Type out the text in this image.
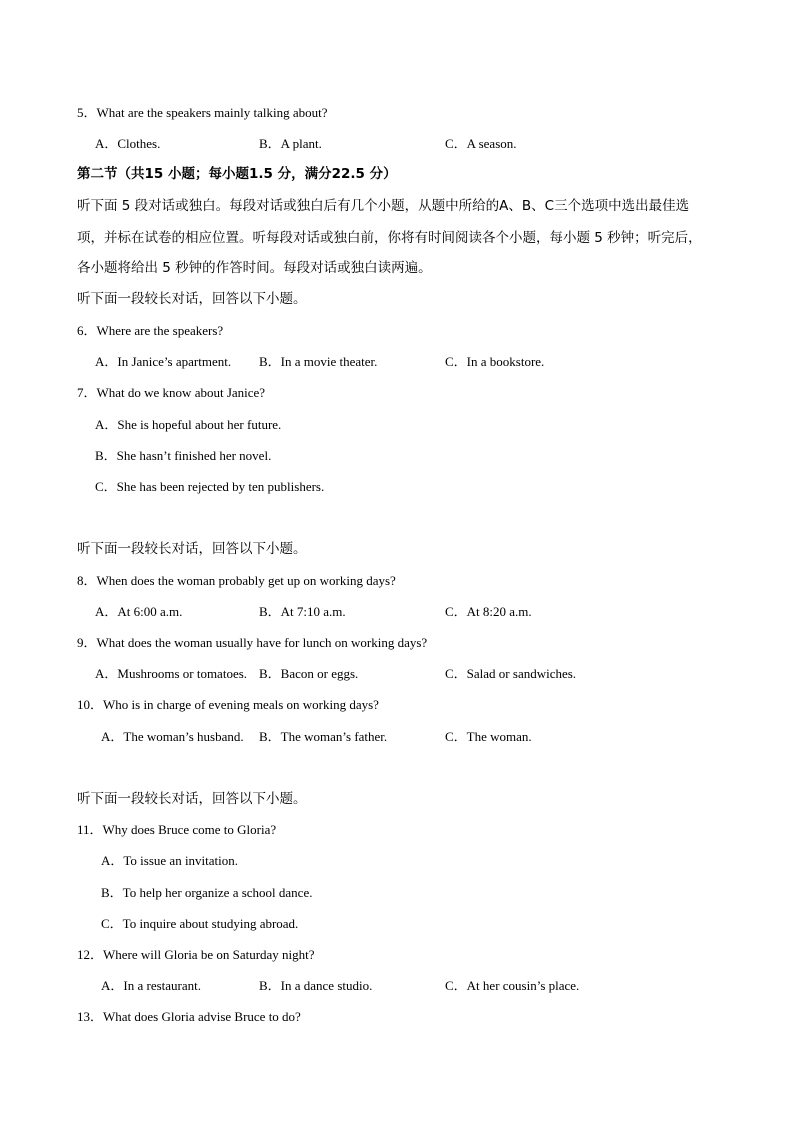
5．What are the speakers mainly talking about?
A．Clothes.	B．A plant.	C．A season.
第二节（共15 小题；每小题1.5 分，满分22.5 分）
听下面 5 段对话或独白。每段对话或独白后有几个小题，从题中所给的A、B、C三个选项中选出最佳选
项，并标在试卷的相应位置。听每段对话或独白前，你将有时间阅读各个小题，每小题 5 秒钟；听完后，
各小题将给出 5 秒钟的作答时间。每段对话或独白读两遍。
听下面一段较长对话，回答以下小题。
6．Where are the speakers?
A．In Janice’s apartment. B．In a movie theater.	C．In a bookstore.
7．What do we know about Janice?
A．She is hopeful about her future.
B．She hasn’t finished her novel.
C．She has been rejected by ten publishers.
听下面一段较长对话，回答以下小题。
8．When does the woman probably get up on working days?
A．At 6:00 a.m.	B．At 7:10 a.m.	C．At 8:20 a.m.
9．What does the woman usually have for lunch on working days?
A．Mushrooms or tomatoes. B．Bacon or eggs.	C．Salad or sandwiches.
10．Who is in charge of evening meals on working days?
A．The woman’s husband. B．The woman’s father.	C．The woman.
听下面一段较长对话，回答以下小题。
11．Why does Bruce come to Gloria?
A．To issue an invitation.
B．To help her organize a school dance.
C．To inquire about studying abroad.
12．Where will Gloria be on Saturday night?
A．In a restaurant.	B．In a dance studio.	C．At her cousin’s place.
13．What does Gloria advise Bruce to do?
